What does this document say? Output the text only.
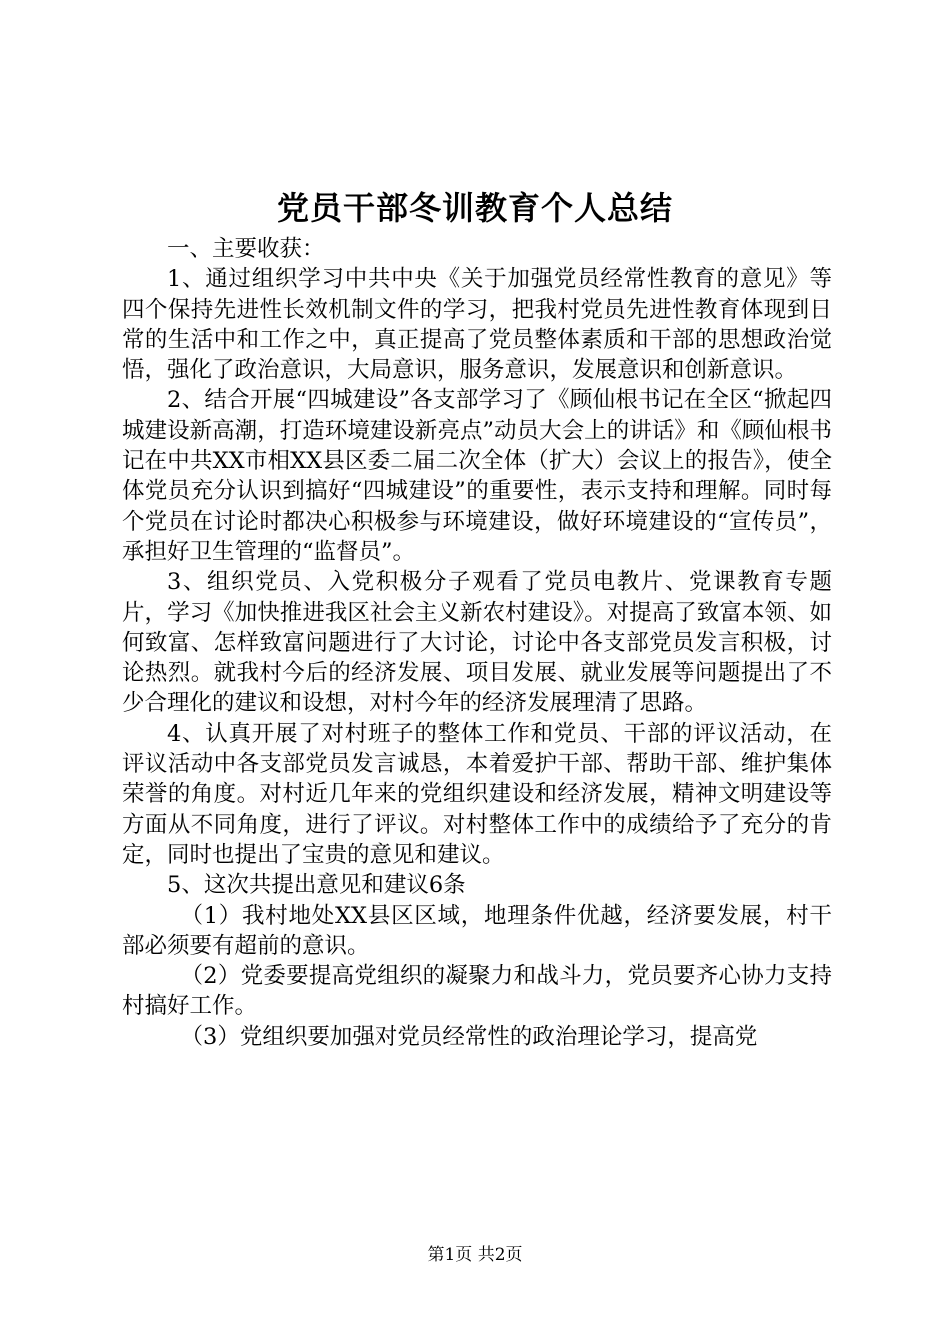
党员干部冬训教育个人总结

一、主要收获：

1、通过组织学习中共中央《关于加强党员经常性教育的意见》等四个保持先进性长效机制文件的学习，把我村党员先进性教育体现到日常的生活中和工作之中，真正提高了党员整体素质和干部的思想政治觉悟，强化了政治意识，大局意识，服务意识，发展意识和创新意识。

2、结合开展“四城建设”各支部学习了《顾仙根书记在全区“掀起四城建设新高潮，打造环境建设新亮点”动员大会上的讲话》和《顾仙根书记在中共XX市相XX县区委二届二次全体（扩大）会议上的报告》，使全体党员充分认识到搞好“四城建设”的重要性，表示支持和理解。同时每个党员在讨论时都决心积极参与环境建设，做好环境建设的“宣传员”，承担好卫生管理的“监督员”。

3、组织党员、入党积极分子观看了党员电教片、党课教育专题片，学习《加快推进我区社会主义新农村建设》。对提高了致富本领、如何致富、怎样致富问题进行了大讨论，讨论中各支部党员发言积极，讨论热烈。就我村今后的经济发展、项目发展、就业发展等问题提出了不少合理化的建议和设想，对村今年的经济发展理清了思路。

4、认真开展了对村班子的整体工作和党员、干部的评议活动，在评议活动中各支部党员发言诚恳，本着爱护干部、帮助干部、维护集体荣誉的角度。对村近几年来的党组织建设和经济发展，精神文明建设等方面从不同角度，进行了评议。对村整体工作中的成绩给予了充分的肯定，同时也提出了宝贵的意见和建议。

5、这次共提出意见和建议6条

（1）我村地处XX县区区域，地理条件优越，经济要发展，村干部必须要有超前的意识。

（2）党委要提高党组织的凝聚力和战斗力，党员要齐心协力支持村搞好工作。

（3）党组织要加强对党员经常性的政治理论学习，提高党

第1页 共2页
